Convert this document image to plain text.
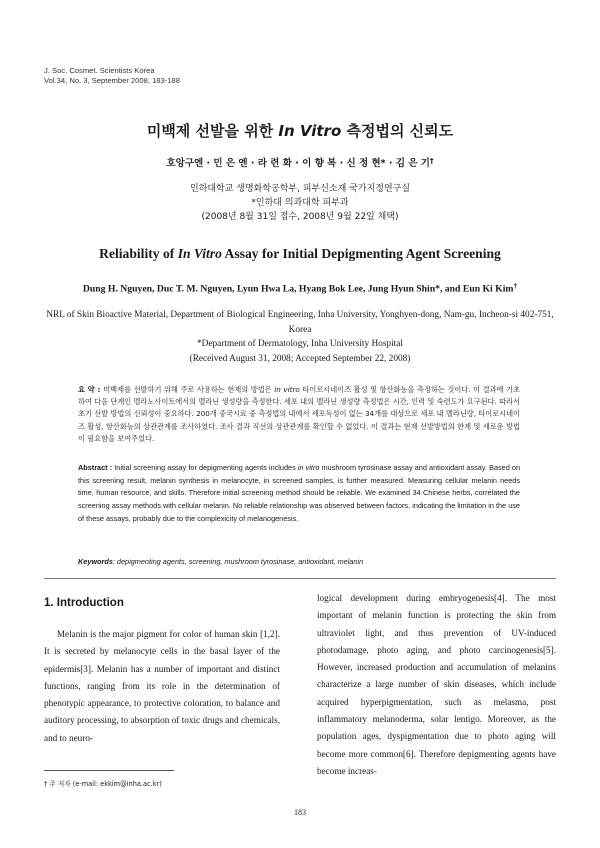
J. Soc. Cosmet. Scientists Korea
Vol.34, No. 3, September 2008, 183-188
미백제 선발을 위한 In Vitro 측정법의 신뢰도
호앙구엔 · 민 은 엔 · 라 련 화 · 이 향 복 · 신 정 현* · 김 은 기†
인하대학교 생명화학공학부, 피부신소재 국가지정연구실
*인하대 의과대학 피부과
(2008년 8월 31일 접수, 2008년 9월 22일 채택)
Reliability of In Vitro Assay for Initial Depigmenting Agent Screening
Dung H. Nguyen, Duc T. M. Nguyen, Lyun Hwa La, Hyang Bok Lee, Jung Hyun Shin*, and Eun Ki Kim†
NRL of Skin Bioactive Material, Department of Biological Engineering, Inha University, Yonghyen-dong, Nam-gu, Incheon-si 402-751, Korea
*Department of Dermatology, Inha University Hospital
(Received August 31, 2008; Accepted September 22, 2008)
요 약 : 미백제를 선발하기 위해 주로 사용하는 현재의 방법은 in vitro 타이로시네이즈 활성 및 항산화능을 측정하는 것이다. 이 결과에 기초하여 다음 단계인 멜라노사이트에서의 멜라닌 생성량을 측정한다. 세포 내의 멜라닌 생성량 측정법은 시간, 인력 및 숙련도가 요구된다. 따라서 초기 선발 방법의 신뢰성이 중요하다. 200개 중국시료 중 측정법의 내에서 세포독성이 없는 34개를 대상으로 세포 내 멜라닌량, 타이로시네이즈 활성, 항산화능의 상관관계를 조사하였다. 조사 결과 직선의 상관관계를 확인할 수 없었다. 이 결과는 현재 선발방법의 한계 및 새로운 방법이 필요함을 보여주었다.
Abstract : Initial screening assay for depigmenting agents includes in vitro mushroom tyrosinase assay and antioxidant assay. Based on this screening result, melanin synthesis in melanocyte, in screened samples, is further measured. Measuring cellular melanin needs time, human resource, and skills. Therefore initial screening method should be reliable. We examined 34 Chinese herbs, correlated the screening assay methods with cellular melanin. No reliable relationship was observed between factors, indicating the limitation in the use of these assays, probably due to the complexicity of melanogenesis.
Keywords: depigmenting agents, screening, mushroom tyrosinase, antioxidant, melanin
1. Introduction

Melanin is the major pigment for color of human skin [1,2]. It is secreted by melanocyte cells in the basal layer of the epidermis[3]. Melanin has a number of important and distinct functions, ranging from its role in the determination of phenotypic appearance, to protective coloration, to balance and auditory processing, to absorption of toxic drugs and chemicals, and to neuro-

logical development during embryogenesis[4]. The most important of melanin function is protecting the skin from ultraviolet light, and thus prevention of UV-induced photodamage, photo aging, and photo carcinogenesis[5]. However, increased production and accumulation of melanins characterize a large number of skin diseases, which include acquired hyperpigmentation, such as melasma, post inflammatory melanoderma, solar lentigo. Moreover, as the population ages, dyspigmentation due to photo aging will become more common[6]. Therefore depigmenting agents have become increas-

† 주 저자 (e-mail: ekkim@inha.ac.kr)
183
